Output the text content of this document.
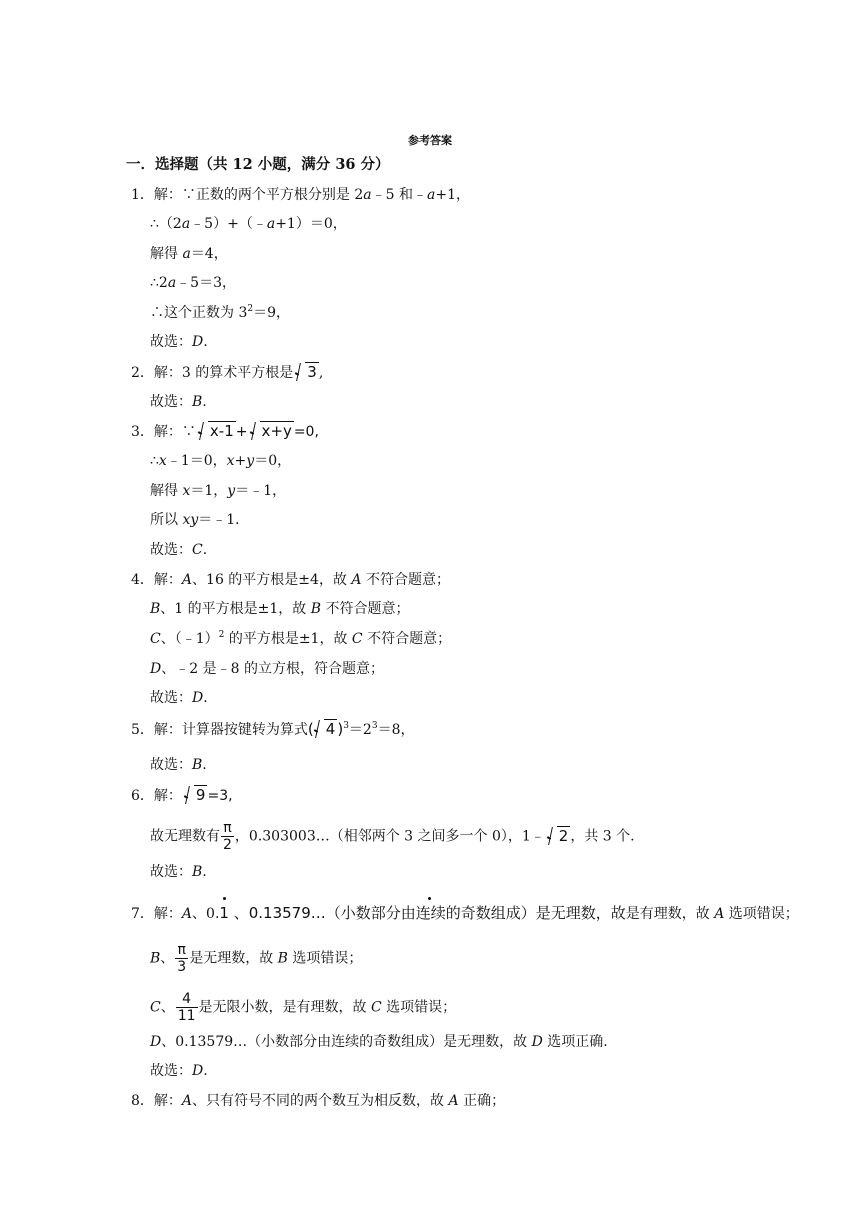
参考答案
一．选择题（共 12 小题，满分 36 分）
1．解：∵正数的两个平方根分别是 2a﹣5 和﹣a+1，
∴（2a﹣5）+（﹣a+1）＝0，
解得 a＝4，
∴2a﹣5＝3，
∴这个正数为 $3^2=9$，
故选：D.
2．解：3 的算术平方根是 3 ,
故选：B.
3．解：∵ x-1 + x+y =0,
∴x﹣1＝0，x+y＝0，
解得 x＝1，y＝﹣1，
所以 xy＝﹣1．
故选：C.
4．解：A、16 的平方根是±4，故 A 不符合题意；
B、1 的平方根是±1，故 B 不符合题意；
C、（﹣1）$^2$ 的平方根是±1，故 C 不符合题意；
D、﹣2 是﹣8 的立方根，符合题意；
故选：D.
5．解：计算器按键转为算式( 4 )$^3=2^3=8$，
故选：B.
6．解： 9 =3,
故无理数有 $\frac{\pi}{2}$ ，0.303003…（相邻两个 3 之间多一个 0），1﹣ 2 ，共 3 个.
故选：B.
7．解：A、0.1 、0.13579…（小数部分由连续的奇数组成）是无理数，故是有理数，故 A 选项错误；
B、 $\frac{\pi}{3}$ 是无理数，故 B 选项错误；
C、 $\frac{4}{11}$ 是无限小数，是有理数，故 C 选项错误；
D、0.13579…（小数部分由连续的奇数组成）是无理数，故 D 选项正确.
故选：D.
8．解：A、只有符号不同的两个数互为相反数，故 A 正确；
